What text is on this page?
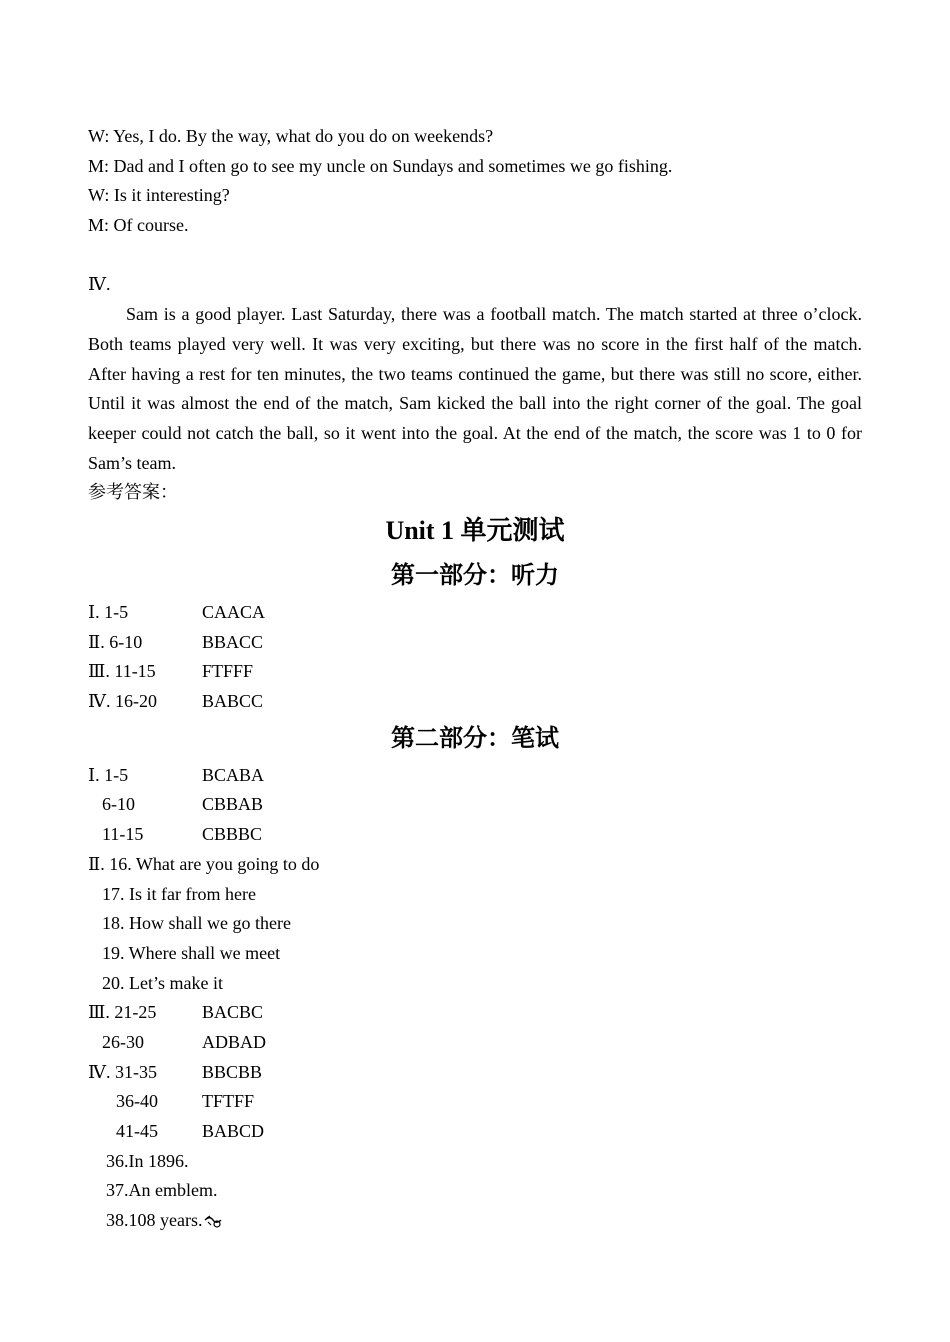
W: Yes, I do. By the way, what do you do on weekends?
M: Dad and I often go to see my uncle on Sundays and sometimes we go fishing.
W: Is it interesting?
M: Of course.
Ⅳ.

Sam is a good player. Last Saturday, there was a football match. The match started at three o’clock. Both teams played very well. It was very exciting, but there was no score in the first half of the match. After having a rest for ten minutes, the two teams continued the game, but there was still no score, either. Until it was almost the end of the match, Sam kicked the ball into the right corner of the goal. The goal keeper could not catch the ball, so it went into the goal. At the end of the match, the score was 1 to 0 for Sam’s team.

参考答案：
Unit 1 单元测试
第一部分：听力
Ⅰ. 1-5	CAACA
Ⅱ. 6-10	BBACC
Ⅲ. 11-15	FTFFF
Ⅳ. 16-20	BABCC
第二部分：笔试
Ⅰ. 1-5	BCABA
6-10	CBBAB
11-15	CBBBC
Ⅱ. 16. What are you going to do
17. Is it far from here
18. How shall we go there
19. Where shall we meet
20. Let’s make it
Ⅲ. 21-25	BACBC
26-30	ADBAD
Ⅳ. 31-35	BBCBB
36-40	TFTFF
41-45	BABCD
36.In 1896.
37.An emblem.
38.108 years.
